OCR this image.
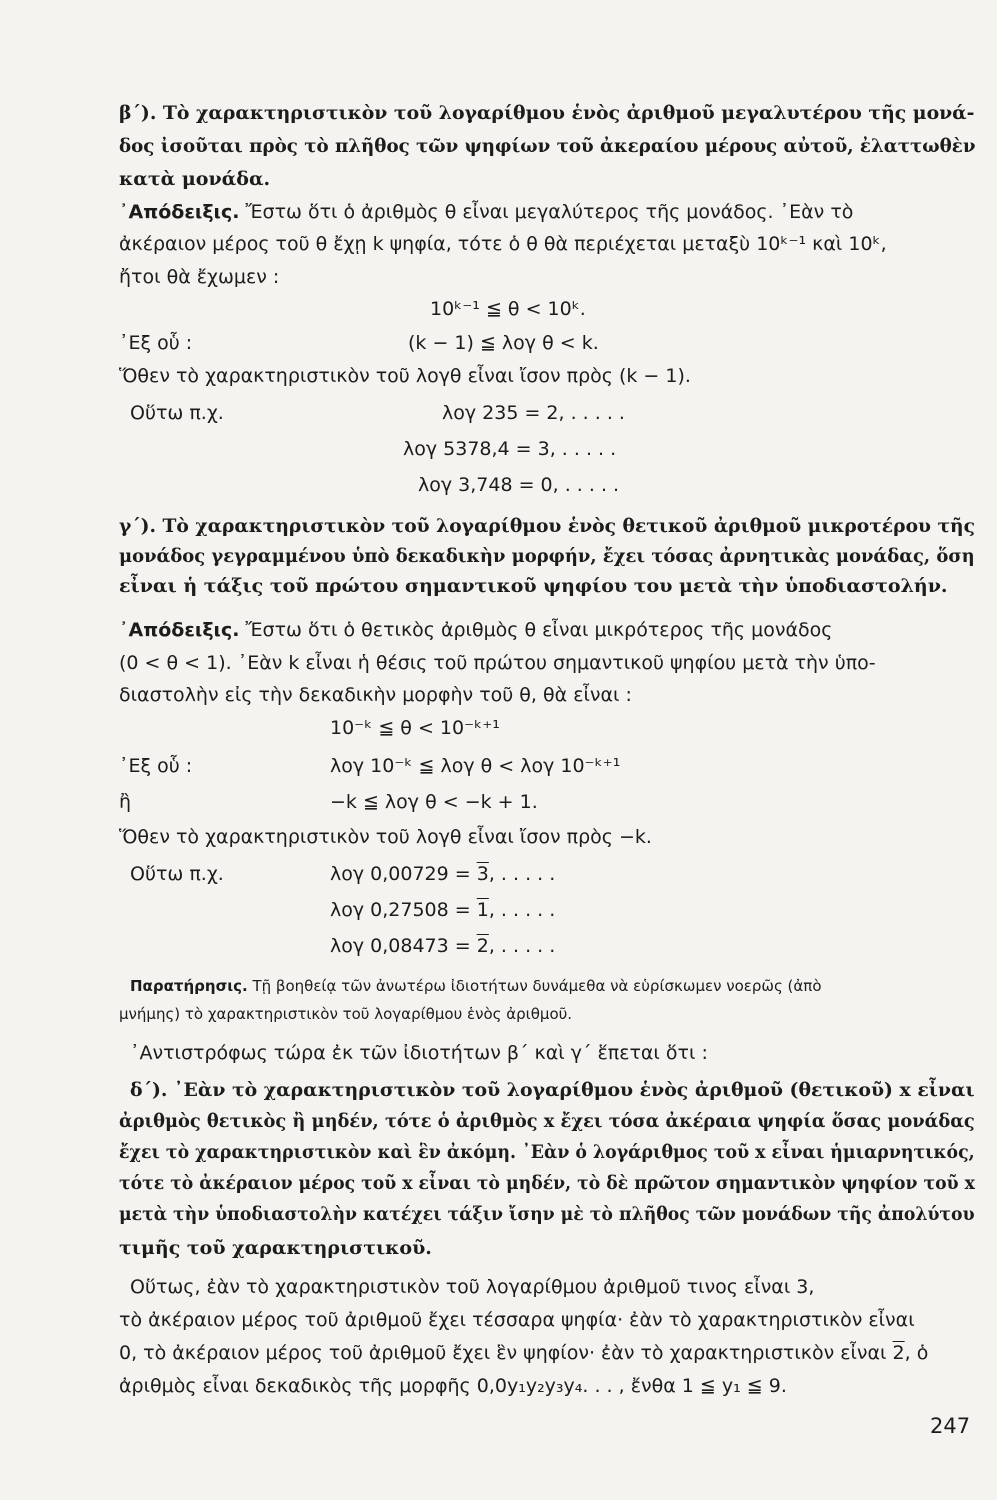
β΄). Τὸ χαρακτηριστικὸν τοῦ λογαρίθμου ἑνὸς ἀριθμοῦ μεγαλυτέρου τῆς μονά-
δος ἰσοῦται πρὸς τὸ πλῆθος τῶν ψηφίων τοῦ ἀκεραίου μέρους αὐτοῦ, ἐλαττωθὲν
κατὰ μονάδα.
᾿Απόδειξις. Ἔστω ὅτι ὁ ἀριθμὸς θ εἶναι μεγαλύτερος τῆς μονάδος. ᾿Εὰν τὸ
ἀκέραιον μέρος τοῦ θ ἔχῃ k ψηφία, τότε ὁ θ θὰ περιέχεται μεταξὺ 10ᵏ⁻¹ καὶ 10ᵏ,
ἤτοι θὰ ἔχωμεν :
10ᵏ⁻¹ ≦ θ < 10ᵏ.
᾿Εξ οὗ :	(k − 1) ≦ λογ θ < k.
Ὅθεν τὸ χαρακτηριστικὸν τοῦ λογθ εἶναι ἴσον πρὸς (k − 1).
Οὕτω π.χ.	λογ 235 = 2, . . . . .
λογ 5378,4 = 3, . . . . .
λογ 3,748 = 0, . . . . .
γ΄). Τὸ χαρακτηριστικὸν τοῦ λογαρίθμου ἑνὸς θετικοῦ ἀριθμοῦ μικροτέρου τῆς
μονάδος γεγραμμένου ὑπὸ δεκαδικὴν μορφήν, ἔχει τόσας ἀρνητικὰς μονάδας, ὅση
εἶναι ἡ τάξις τοῦ πρώτου σημαντικοῦ ψηφίου του μετὰ τὴν ὑποδιαστολήν.
᾿Απόδειξις. Ἔστω ὅτι ὁ θετικὸς ἀριθμὸς θ εἶναι μικρότερος τῆς μονάδος
(0 < θ < 1). ᾿Εὰν k εἶναι ἡ θέσις τοῦ πρώτου σημαντικοῦ ψηφίου μετὰ τὴν ὑπο-
διαστολὴν εἰς τὴν δεκαδικὴν μορφὴν τοῦ θ, θὰ εἶναι :
10⁻ᵏ ≦ θ < 10⁻ᵏ⁺¹
᾿Εξ οὗ :	λογ 10⁻ᵏ ≦ λογ θ < λογ 10⁻ᵏ⁺¹
ἢ	−k ≦ λογ θ < −k + 1.
Ὅθεν τὸ χαρακτηριστικὸν τοῦ λογθ εἶναι ἴσον πρὸς −k.
Οὕτω π.χ.	λογ 0,00729 = 3, . . . . .
λογ 0,27508 = 1, . . . . .
λογ 0,08473 = 2, . . . . .
Παρατήρησις. Τῇ βοηθείᾳ τῶν ἀνωτέρω ἰδιοτήτων δυνάμεθα νὰ εὑρίσκωμεν νοερῶς (ἀπὸ
μνήμης) τὸ χαρακτηριστικὸν τοῦ λογαρίθμου ἑνὸς ἀριθμοῦ.
᾿Αντιστρόφως τώρα ἐκ τῶν ἰδιοτήτων β΄ καὶ γ΄ ἕπεται ὅτι :
δ΄). ᾿Εὰν τὸ χαρακτηριστικὸν τοῦ λογαρίθμου ἑνὸς ἀριθμοῦ (θετικοῦ) x εἶναι
ἀριθμὸς θετικὸς ἢ μηδέν, τότε ὁ ἀριθμὸς x ἔχει τόσα ἀκέραια ψηφία ὅσας μονάδας
ἔχει τὸ χαρακτηριστικὸν καὶ ἓν ἀκόμη. ᾿Εὰν ὁ λογάριθμος τοῦ x εἶναι ἡμιαρνητικός,
τότε τὸ ἀκέραιον μέρος τοῦ x εἶναι τὸ μηδέν, τὸ δὲ πρῶτον σημαντικὸν ψηφίον τοῦ x
μετὰ τὴν ὑποδιαστολὴν κατέχει τάξιν ἴσην μὲ τὸ πλῆθος τῶν μονάδων τῆς ἀπολύτου
τιμῆς τοῦ χαρακτηριστικοῦ.
Οὕτως, ἐὰν τὸ χαρακτηριστικὸν τοῦ λογαρίθμου ἀριθμοῦ τινος εἶναι 3,
τὸ ἀκέραιον μέρος τοῦ ἀριθμοῦ ἔχει τέσσαρα ψηφία· ἐὰν τὸ χαρακτηριστικὸν εἶναι
0, τὸ ἀκέραιον μέρος τοῦ ἀριθμοῦ ἔχει ἓν ψηφίον· ἐὰν τὸ χαρακτηριστικὸν εἶναι 2, ὁ
ἀριθμὸς εἶναι δεκαδικὸς τῆς μορφῆς 0,0y₁y₂y₃y₄. . . , ἔνθα 1 ≦ y₁ ≦ 9.
247
